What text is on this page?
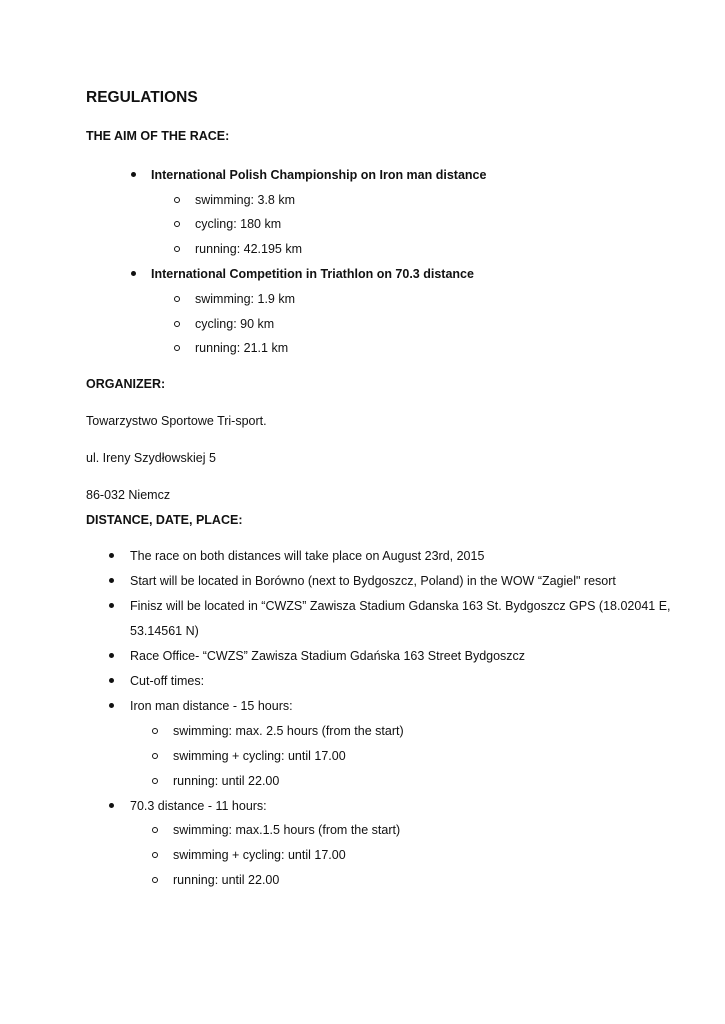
REGULATIONS
THE AIM OF THE RACE:
International Polish Championship on Iron man distance
swimming: 3.8 km
cycling: 180 km
running: 42.195 km
International Competition in Triathlon on 70.3 distance
swimming: 1.9 km
cycling: 90 km
running: 21.1 km
ORGANIZER:
Towarzystwo Sportowe Tri-sport.
ul. Ireny Szydłowskiej 5
86-032 Niemcz
DISTANCE, DATE, PLACE:
The race on both distances will take place on August 23rd, 2015
Start will be located in Borówno (next to Bydgoszcz, Poland) in the WOW “Zagiel" resort
Finisz will be located in “CWZS” Zawisza Stadium Gdanska 163 St. Bydgoszcz GPS (18.02041 E,
53.14561 N)
Race Office- “CWZS” Zawisza Stadium Gdańska 163 Street Bydgoszcz
Cut-off times:
Iron man distance - 15 hours:
swimming: max. 2.5 hours (from the start)
swimming + cycling: until 17.00
running: until 22.00
70.3 distance - 11 hours:
swimming: max.1.5 hours (from the start)
swimming + cycling: until 17.00
running: until 22.00
